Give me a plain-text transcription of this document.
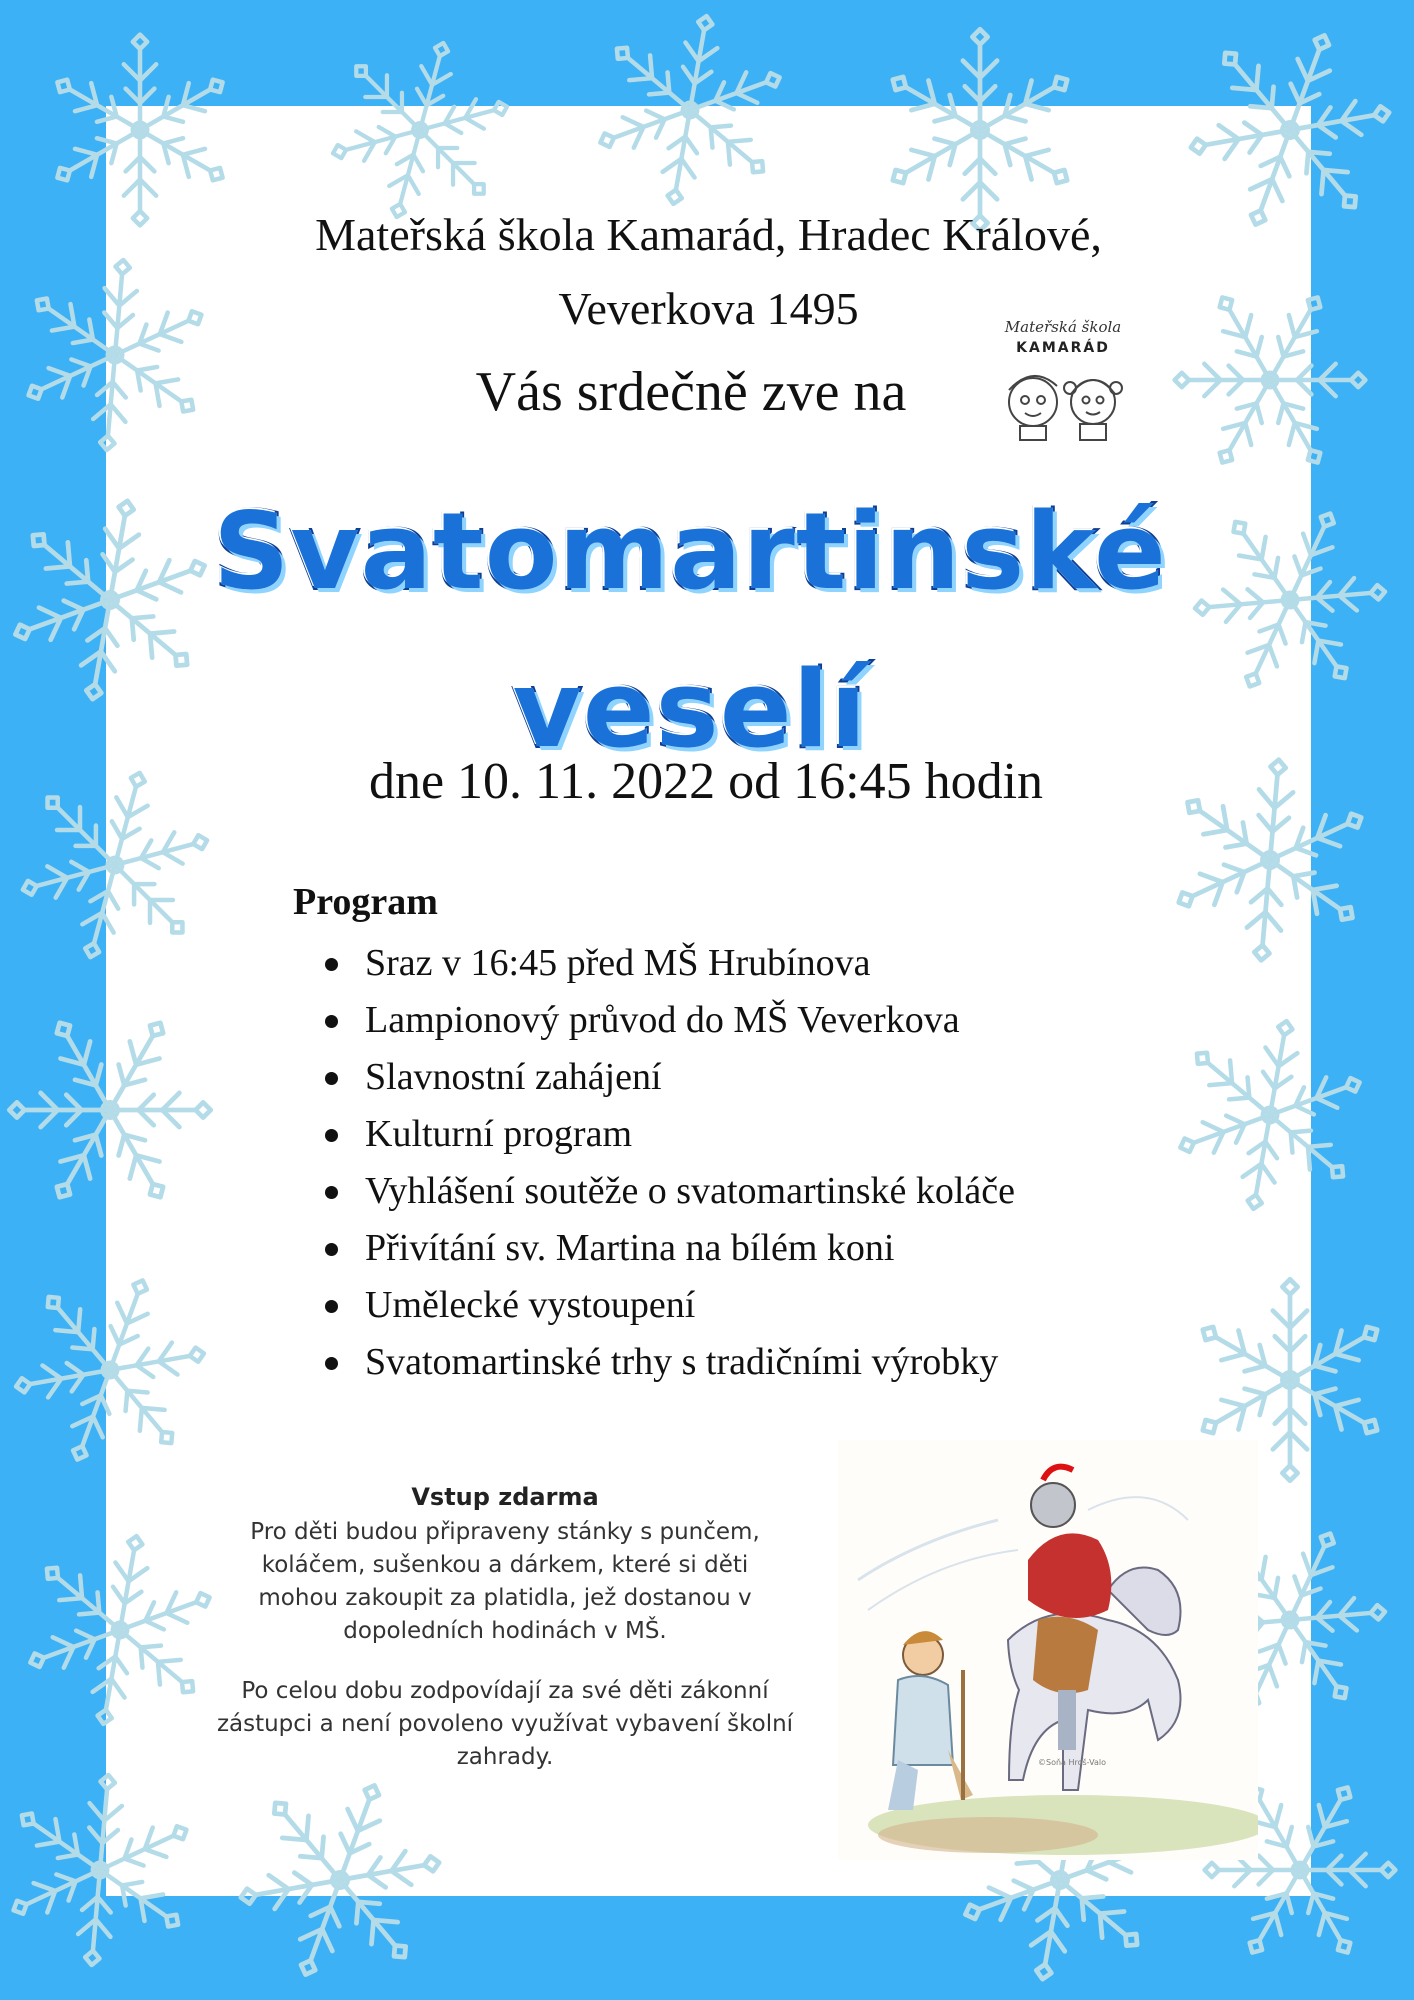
Mateřská škola Kamarád, Hradec Králové,
Veverkova 1495
Vás srdečně zve na
Mateřská škola
KAMARÁD
Svatomartinské
veselí
dne 10. 11. 2022 od 16:45 hodin
Program
Sraz v 16:45 před MŠ Hrubínova
Lampionový průvod do MŠ Veverkova
Slavnostní zahájení
Kulturní program
Vyhlášení soutěže o svatomartinské koláče
Přivítání sv. Martina na bílém koni
Umělecké vystoupení
Svatomartinské trhy s tradičními výrobky
Vstup zdarma
Pro děti budou připraveny stánky s punčem,
koláčem, sušenkou a dárkem, které si děti
mohou zakoupit za platidla, jež dostanou v
dopoledních hodinách v MŠ.
Po celou dobu zodpovídají za své děti zákonní
zástupci a není povoleno využívat vybavení školní
zahrady.	©Soňa Hroš-Valo
